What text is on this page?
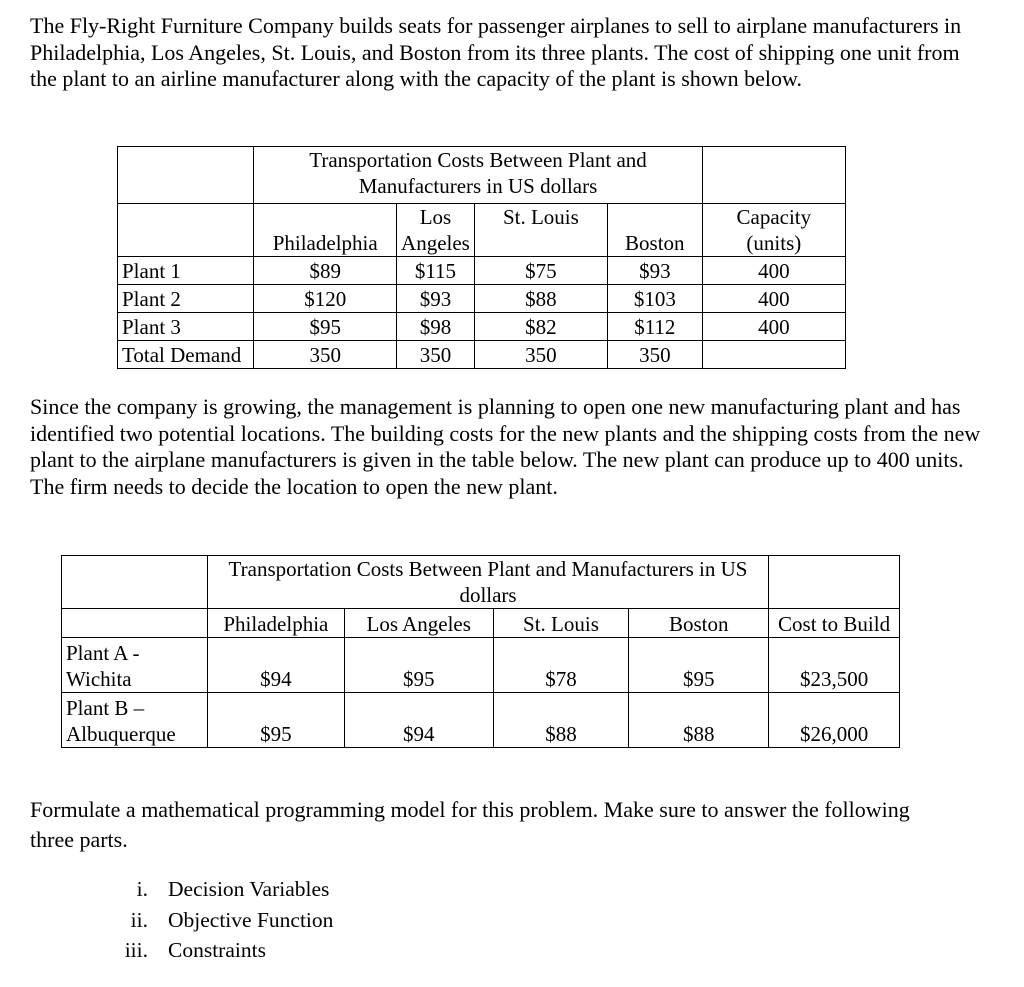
The Fly-Right Furniture Company builds seats for passenger airplanes to sell to airplane manufacturers in Philadelphia, Los Angeles, St. Louis, and Boston from its three plants. The cost of shipping one unit from the plant to an airline manufacturer along with the capacity of the plant is shown below.

	Transportation Costs Between Plant and Manufacturers in US dollars				
	Philadelphia	Los Angeles	St. Louis	Boston	Capacity (units)
Plant 1	$89	$115	$75	$93	400
Plant 2	$120	$93	$88	$103	400
Plant 3	$95	$98	$82	$112	400
Total Demand	350	350	350	350	

Since the company is growing, the management is planning to open one new manufacturing plant and has identified two potential locations. The building costs for the new plants and the shipping costs from the new plant to the airplane manufacturers is given in the table below. The new plant can produce up to 400 units. The firm needs to decide the location to open the new plant.

	Transportation Costs Between Plant and Manufacturers in US dollars				
	Philadelphia	Los Angeles	St. Louis	Boston	Cost to Build
Plant A - Wichita	$94	$95	$78	$95	$23,500
Plant B – Albuquerque	$95	$94	$88	$88	$26,000

Formulate a mathematical programming model for this problem. Make sure to answer the following three parts.

i. Decision Variables
ii. Objective Function
iii. Constraints
